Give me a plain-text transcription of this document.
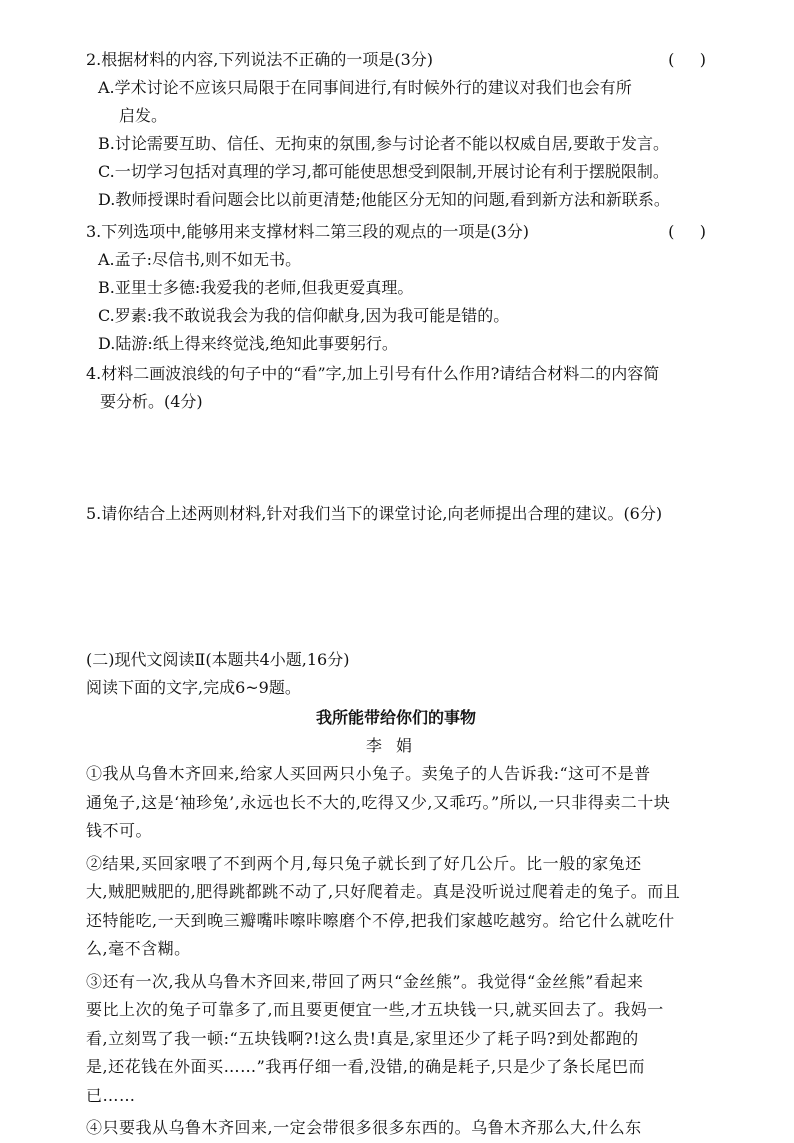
2.根据材料的内容,下列说法不正确的一项是(3分)	(     )
A.学术讨论不应该只局限于在同事间进行,有时候外行的建议对我们也会有所
启发。
B.讨论需要互助、信任、无拘束的氛围,参与讨论者不能以权威自居,要敢于发言。
C.一切学习包括对真理的学习,都可能使思想受到限制,开展讨论有利于摆脱限制。
D.教师授课时看问题会比以前更清楚;他能区分无知的问题,看到新方法和新联系。
3.下列选项中,能够用来支撑材料二第三段的观点的一项是(3分)	(     )
A.孟子:尽信书,则不如无书。
B.亚里士多德:我爱我的老师,但我更爱真理。
C.罗素:我不敢说我会为我的信仰献身,因为我可能是错的。
D.陆游:纸上得来终觉浅,绝知此事要躬行。
4.材料二画波浪线的句子中的“看”字,加上引号有什么作用?请结合材料二的内容简
要分析。(4分)
5.请你结合上述两则材料,针对我们当下的课堂讨论,向老师提出合理的建议。(6分)
(二)现代文阅读Ⅱ(本题共4小题,16分)
阅读下面的文字,完成6~9题。
我所能带给你们的事物
李娟

①我从乌鲁木齐回来,给家人买回两只小兔子。卖兔子的人告诉我:“这可不是普

通兔子,这是‘袖珍兔’,永远也长不大的,吃得又少,又乖巧。”所以,一只非得卖二十块

钱不可。

②结果,买回家喂了不到两个月,每只兔子就长到了好几公斤。比一般的家兔还

大,贼肥贼肥的,肥得跳都跳不动了,只好爬着走。真是没听说过爬着走的兔子。而且

还特能吃,一天到晚三瓣嘴咔嚓咔嚓磨个不停,把我们家越吃越穷。给它什么就吃什

么,毫不含糊。

③还有一次,我从乌鲁木齐回来,带回了两只“金丝熊”。我觉得“金丝熊”看起来

要比上次的兔子可靠多了,而且要更便宜一些,才五块钱一只,就买回去了。我妈一

看,立刻骂了我一顿:“五块钱啊?!这么贵!真是,家里还少了耗子吗?到处都跑的

是,还花钱在外面买……”我再仔细一看,没错,的确是耗子,只是少了条长尾巴而

已……

④只要我从乌鲁木齐回来,一定会带很多很多东西的。乌鲁木齐那么大,什么东
